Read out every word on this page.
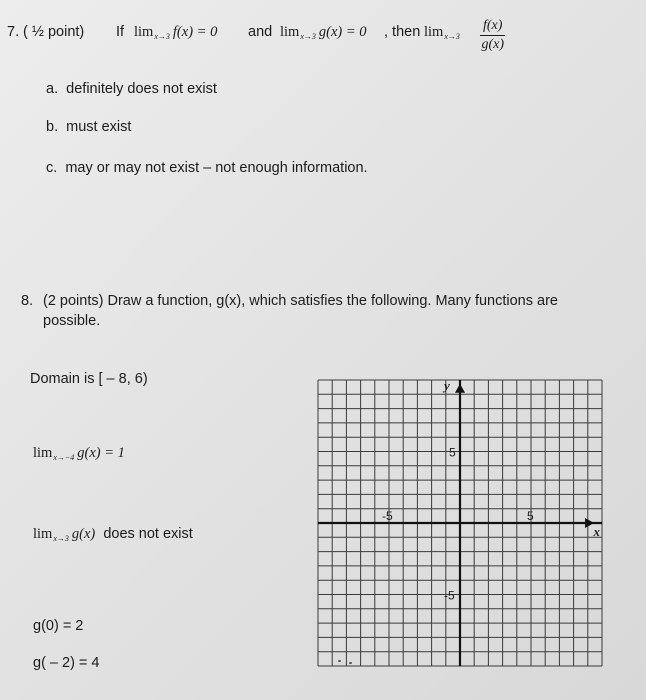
7. ( ½ point) If $\lim_{x\to 3} f(x) = 0$ and $\lim_{x\to 3} g(x) = 0$ , then $\lim_{x\to 3} \frac{f(x)}{g(x)}$
a. definitely does not exist
b. must exist
c. may or may not exist – not enough information.
8. (2 points) Draw a function, g(x), which satisfies the following. Many functions are
possible.
Domain is [ – 8, 6)
$\lim_{x\to-4} g(x) = 1$
$\lim_{x\to 3} g(x)$ does not exist
g(0) = 2
g( – 2) = 4
y
x
5
-5	5
-5
